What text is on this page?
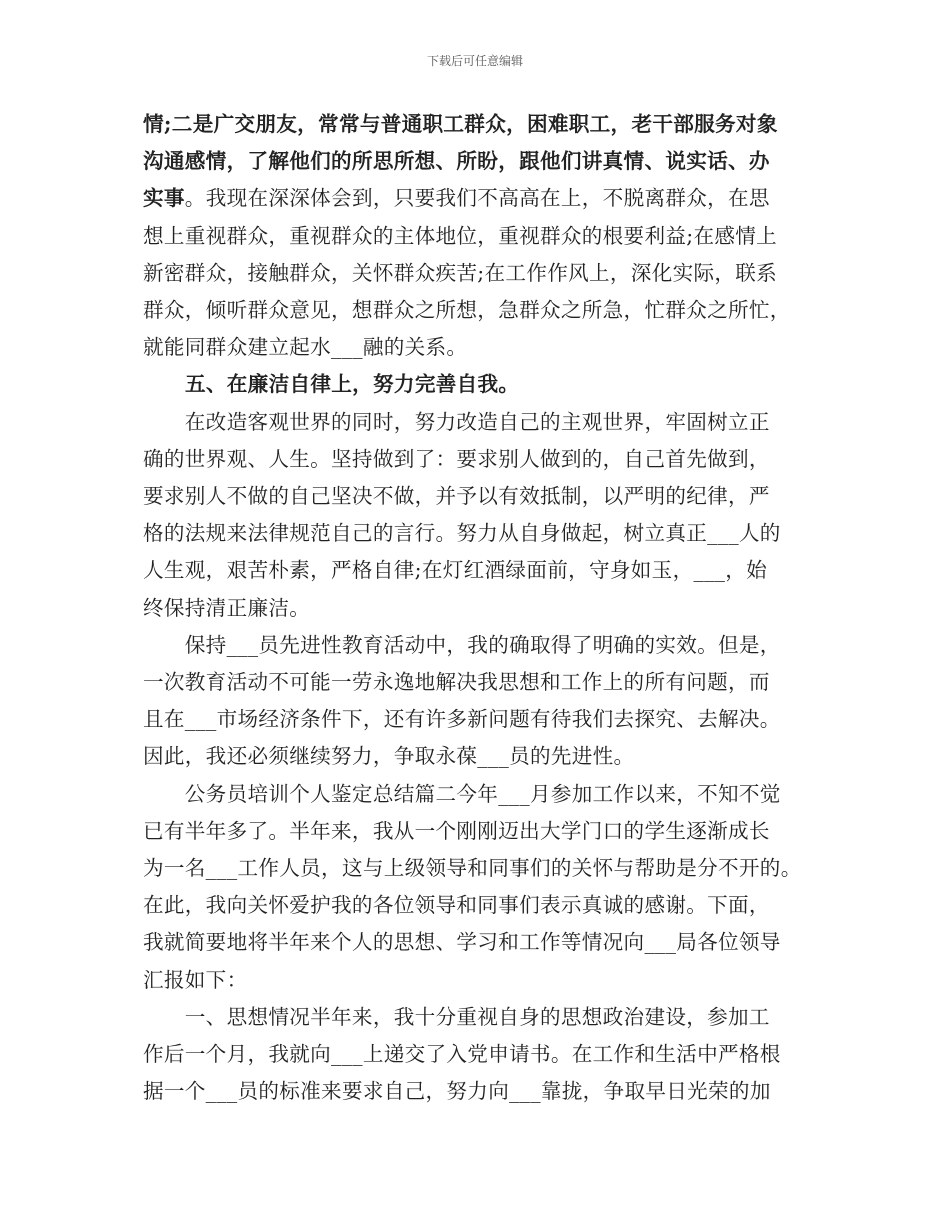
下载后可任意编辑

情;二是广交朋友，常常与普通职工群众，困难职工，老干部服务对象
沟通感情，了解他们的所思所想、所盼，跟他们讲真情、说实话、办
实事。我现在深深体会到，只要我们不高高在上，不脱离群众，在思
想上重视群众，重视群众的主体地位，重视群众的根要利益;在感情上
新密群众，接触群众，关怀群众疾苦;在工作作风上，深化实际，联系
群众，倾听群众意见，想群众之所想，急群众之所急，忙群众之所忙，
就能同群众建立起水___融的关系。

五、在廉洁自律上，努力完善自我。

　　在改造客观世界的同时，努力改造自己的主观世界，牢固树立正
确的世界观、人生。坚持做到了：要求别人做到的，自己首先做到，
要求别人不做的自己坚决不做，并予以有效抵制，以严明的纪律，严
格的法规来法律规范自己的言行。努力从自身做起，树立真正___人的
人生观，艰苦朴素，严格自律;在灯红酒绿面前，守身如玉，___，始
终保持清正廉洁。

　　保持___员先进性教育活动中，我的确取得了明确的实效。但是，
一次教育活动不可能一劳永逸地解决我思想和工作上的所有问题，而
且在___市场经济条件下，还有许多新问题有待我们去探究、去解决。
因此，我还必须继续努力，争取永葆___员的先进性。

　　公务员培训个人鉴定总结篇二今年___月参加工作以来，不知不觉
已有半年多了。半年来，我从一个刚刚迈出大学门口的学生逐渐成长
为一名___工作人员，这与上级领导和同事们的关怀与帮助是分不开的。
在此，我向关怀爱护我的各位领导和同事们表示真诚的感谢。下面，
我就简要地将半年来个人的思想、学习和工作等情况向___局各位领导
汇报如下：

　　一、思想情况半年来，我十分重视自身的思想政治建设，参加工
作后一个月，我就向___上递交了入党申请书。在工作和生活中严格根
据一个___员的标准来要求自己，努力向___靠拢，争取早日光荣的加
